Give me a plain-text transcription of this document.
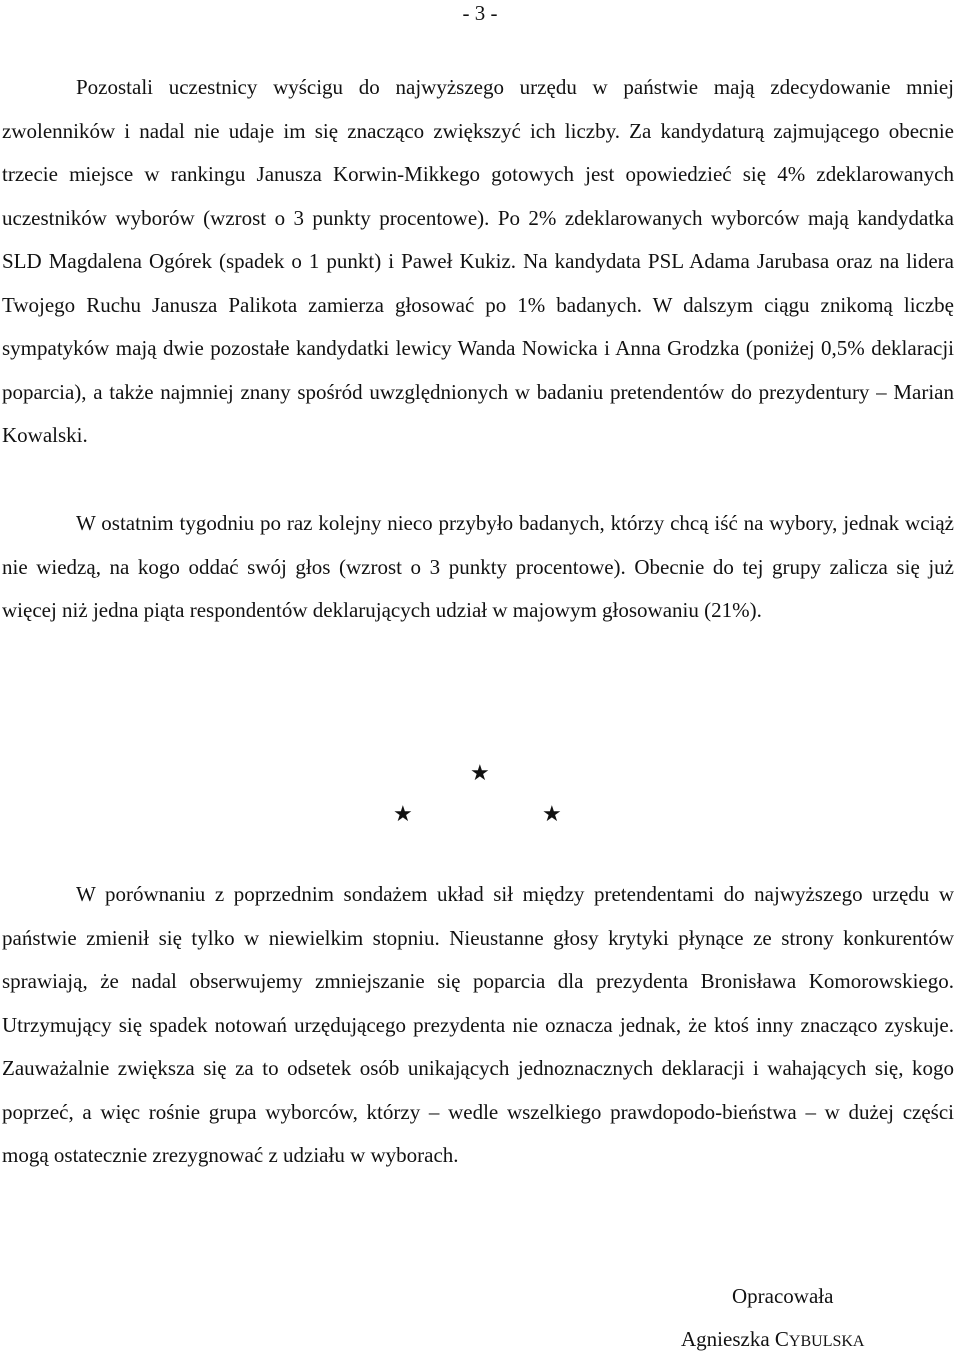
- 3 -

Pozostali uczestnicy wyścigu do najwyższego urzędu w państwie mają zdecydowanie mniej zwolenników i nadal nie udaje im się znacząco zwiększyć ich liczby. Za kandydaturą zajmującego obecnie trzecie miejsce w rankingu Janusza Korwin-Mikkego gotowych jest opowiedzieć się 4% zdeklarowanych uczestników wyborów (wzrost o 3 punkty procentowe). Po 2% zdeklarowanych wyborców mają kandydatka SLD Magdalena Ogórek (spadek o 1 punkt) i Paweł Kukiz. Na kandydata PSL Adama Jarubasa oraz na lidera Twojego Ruchu Janusza Palikota zamierza głosować po 1% badanych. W dalszym ciągu znikomą liczbę sympatyków mają dwie pozostałe kandydatki lewicy Wanda Nowicka i Anna Grodzka (poniżej 0,5% deklaracji poparcia), a także najmniej znany spośród uwzględnionych w badaniu pretendentów do prezydentury – Marian Kowalski.

W ostatnim tygodniu po raz kolejny nieco przybyło badanych, którzy chcą iść na wybory, jednak wciąż nie wiedzą, na kogo oddać swój głos (wzrost o 3 punkty procentowe). Obecnie do tej grupy zalicza się już więcej niż jedna piąta respondentów deklarujących udział w majowym głosowaniu (21%).

★
★	★

W porównaniu z poprzednim sondażem układ sił między pretendentami do najwyższego urzędu w państwie zmienił się tylko w niewielkim stopniu. Nieustanne głosy krytyki płynące ze strony konkurentów sprawiają, że nadal obserwujemy zmniejszanie się poparcia dla prezydenta Bronisława Komorowskiego. Utrzymujący się spadek notowań urzędującego prezydenta nie oznacza jednak, że ktoś inny znacząco zyskuje. Zauważalnie zwiększa się za to odsetek osób unikających jednoznacznych deklaracji i wahających się, kogo poprzeć, a więc rośnie grupa wyborców, którzy – wedle wszelkiego prawdopodo-bieństwa – w dużej części mogą ostatecznie zrezygnować z udziału w wyborach.

Opracowała
Agnieszka CYBULSKA
